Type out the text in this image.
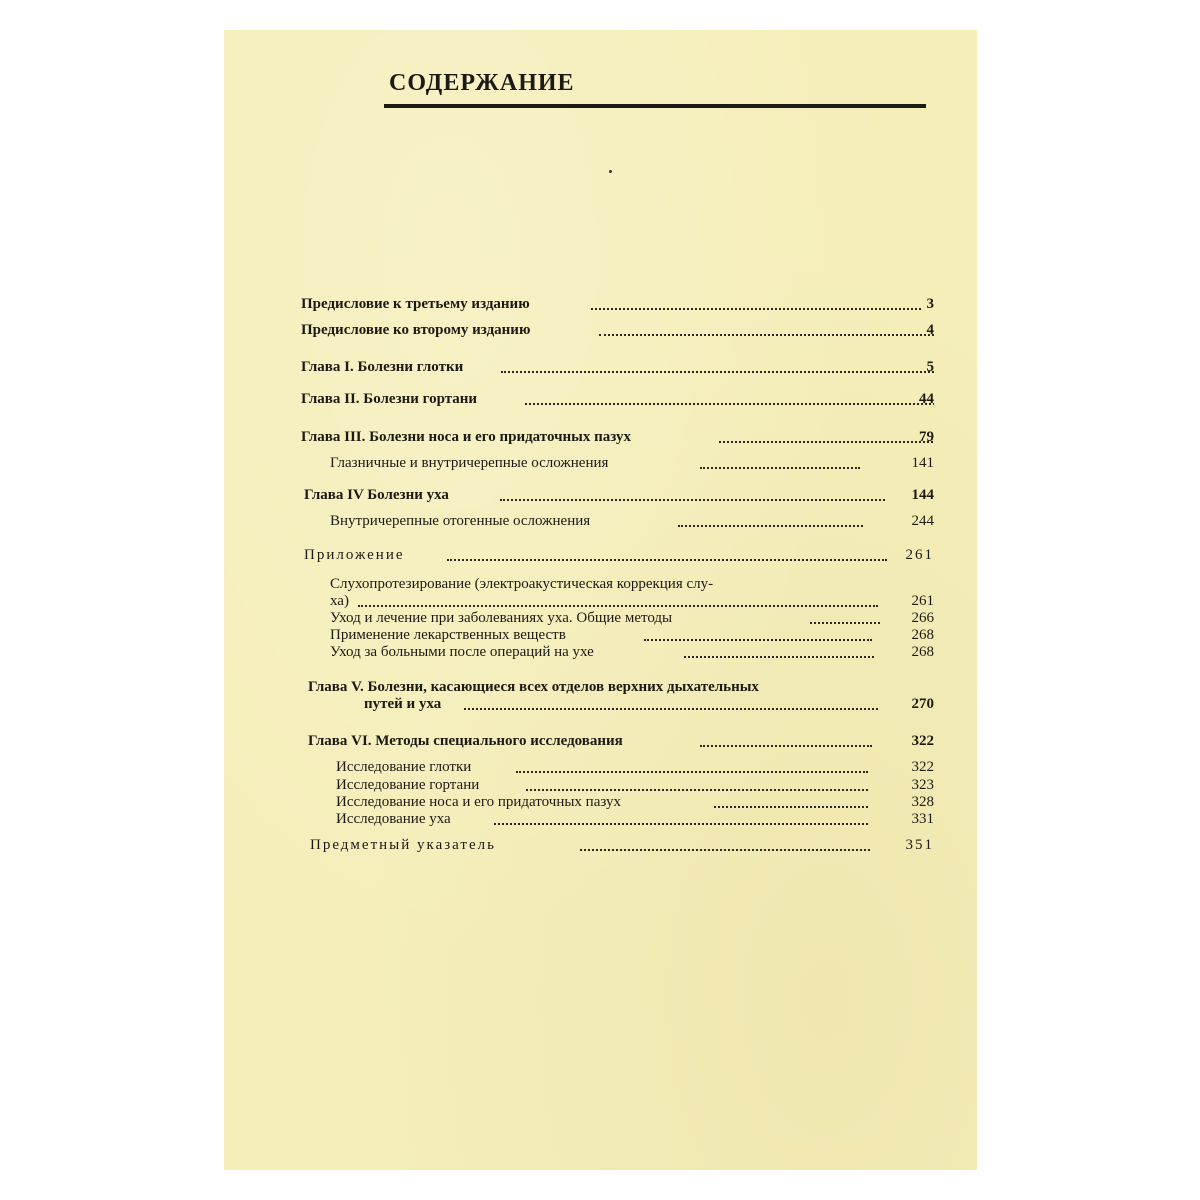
СОДЕРЖАНИЕ
Предисловие к третьему изданию	3
Предисловие ко второму изданию	4
Глава I. Болезни глотки	5
Глава II. Болезни гортани	44
Глава III. Болезни носа и его придаточных пазух	79
Глазничные и внутричерепные осложнения	141
Глава IV Болезни уха	144
Внутричерепные отогенные осложнения	244
Приложение	261
Слухопротезирование (электроакустическая коррекция слу-
ха)	261
Уход и лечение при заболеваниях уха. Общие методы	266
Применение лекарственных веществ	268
Уход за больными после операций на ухе	268
Глава V. Болезни, касающиеся всех отделов верхних дыхательных
путей и уха	270
Глава VI. Методы специального исследования	322
Исследование глотки	322
Исследование гортани	323
Исследование носа и его придаточных пазух	328
Исследование уха	331
Предметный указатель	351
